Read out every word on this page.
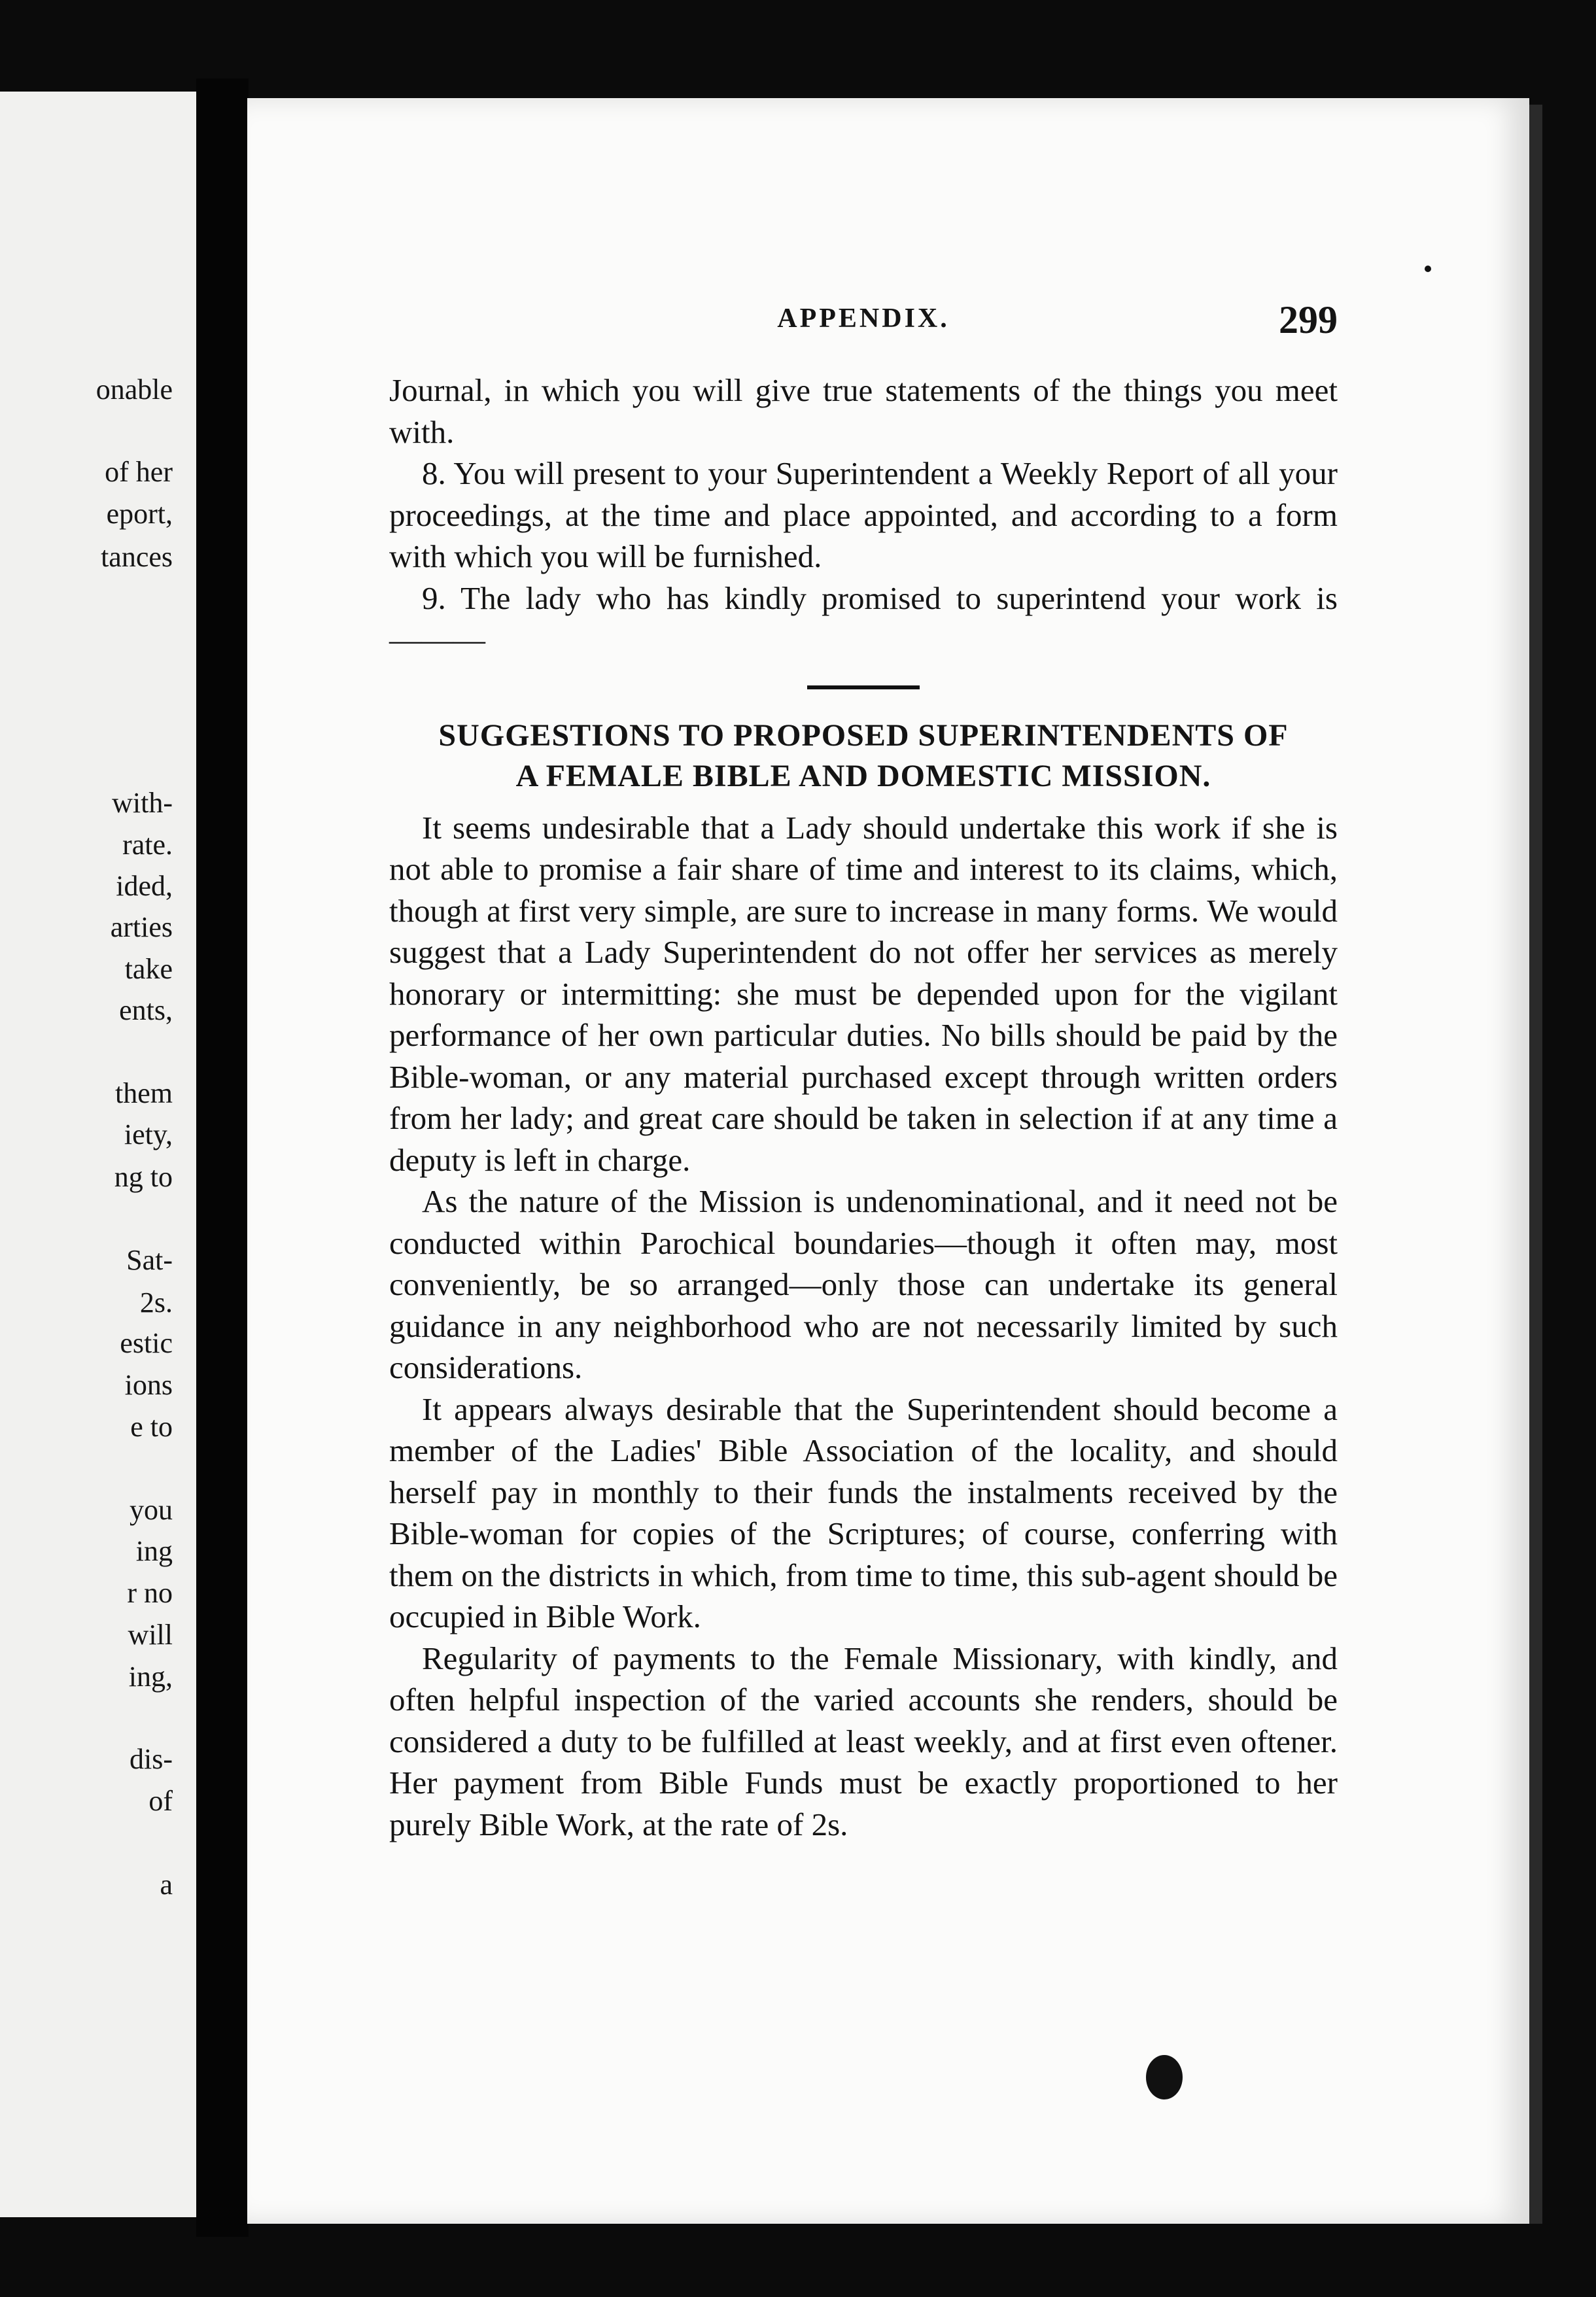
onable
of her
eport,
tances
with-
rate.
ided,
arties
take
ents,
them
iety,
ng to
Sat-
2s.
estic
ions
e to
you
ing
r no
will
ing,
dis-
of
a
APPENDIX.	299

Journal, in which you will give true statements of the things you meet with.

8. You will present to your Superintendent a Weekly Report of all your proceedings, at the time and place appointed, and according to a form with which you will be furnished.

9. The lady who has kindly promised to superintend your work is ———

SUGGESTIONS TO PROPOSED SUPERINTENDENTS OF
A FEMALE BIBLE AND DOMESTIC MISSION.

It seems undesirable that a Lady should undertake this work if she is not able to promise a fair share of time and interest to its claims, which, though at first very simple, are sure to increase in many forms. We would suggest that a Lady Superintendent do not offer her services as merely honorary or intermitting: she must be depended upon for the vigilant performance of her own particular duties. No bills should be paid by the Bible-woman, or any material purchased except through written orders from her lady; and great care should be taken in selection if at any time a deputy is left in charge.

As the nature of the Mission is undenominational, and it need not be conducted within Parochical boundaries—though it often may, most conveniently, be so arranged—only those can undertake its general guidance in any neighborhood who are not necessarily limited by such considerations.

It appears always desirable that the Superintendent should become a member of the Ladies' Bible Association of the locality, and should herself pay in monthly to their funds the instalments received by the Bible-woman for copies of the Scriptures; of course, conferring with them on the districts in which, from time to time, this sub-agent should be occupied in Bible Work.

Regularity of payments to the Female Missionary, with kindly, and often helpful inspection of the varied accounts she renders, should be considered a duty to be fulfilled at least weekly, and at first even oftener. Her payment from Bible Funds must be exactly proportioned to her purely Bible Work, at the rate of 2s.
